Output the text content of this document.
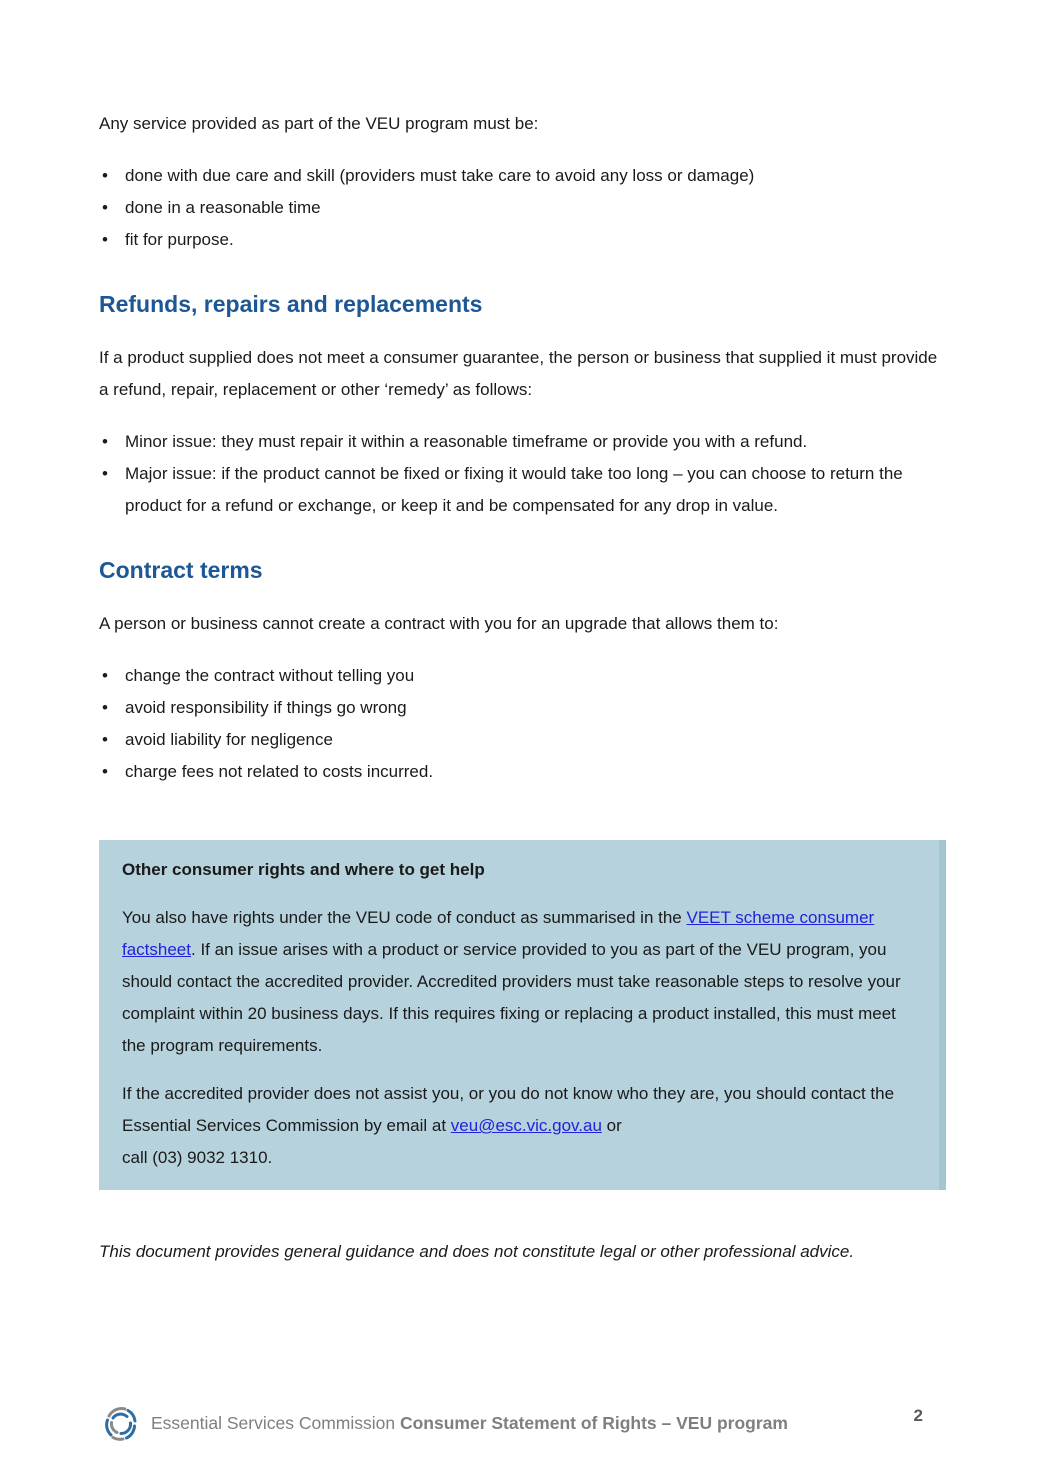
Any service provided as part of the VEU program must be:

• done with due care and skill (providers must take care to avoid any loss or damage)
• done in a reasonable time
• fit for purpose.
Refunds, repairs and replacements

If a product supplied does not meet a consumer guarantee, the person or business that supplied it must provide a refund, repair, replacement or other ‘remedy’ as follows:

• Minor issue: they must repair it within a reasonable timeframe or provide you with a refund.
• Major issue: if the product cannot be fixed or fixing it would take too long – you can choose to return the product for a refund or exchange, or keep it and be compensated for any drop in value.
Contract terms

A person or business cannot create a contract with you for an upgrade that allows them to:

• change the contract without telling you
• avoid responsibility if things go wrong
• avoid liability for negligence
• charge fees not related to costs incurred.

Other consumer rights and where to get help

You also have rights under the VEU code of conduct as summarised in the VEET scheme consumer factsheet. If an issue arises with a product or service provided to you as part of the VEU program, you should contact the accredited provider. Accredited providers must take reasonable steps to resolve your complaint within 20 business days. If this requires fixing or replacing a product installed, this must meet the program requirements.

If the accredited provider does not assist you, or you do not know who they are, you should contact the Essential Services Commission by email at veu@esc.vic.gov.au or
call (03) 9032 1310.

This document provides general guidance and does not constitute legal or other professional advice.

Essential Services Commission Consumer Statement of Rights – VEU program	2
